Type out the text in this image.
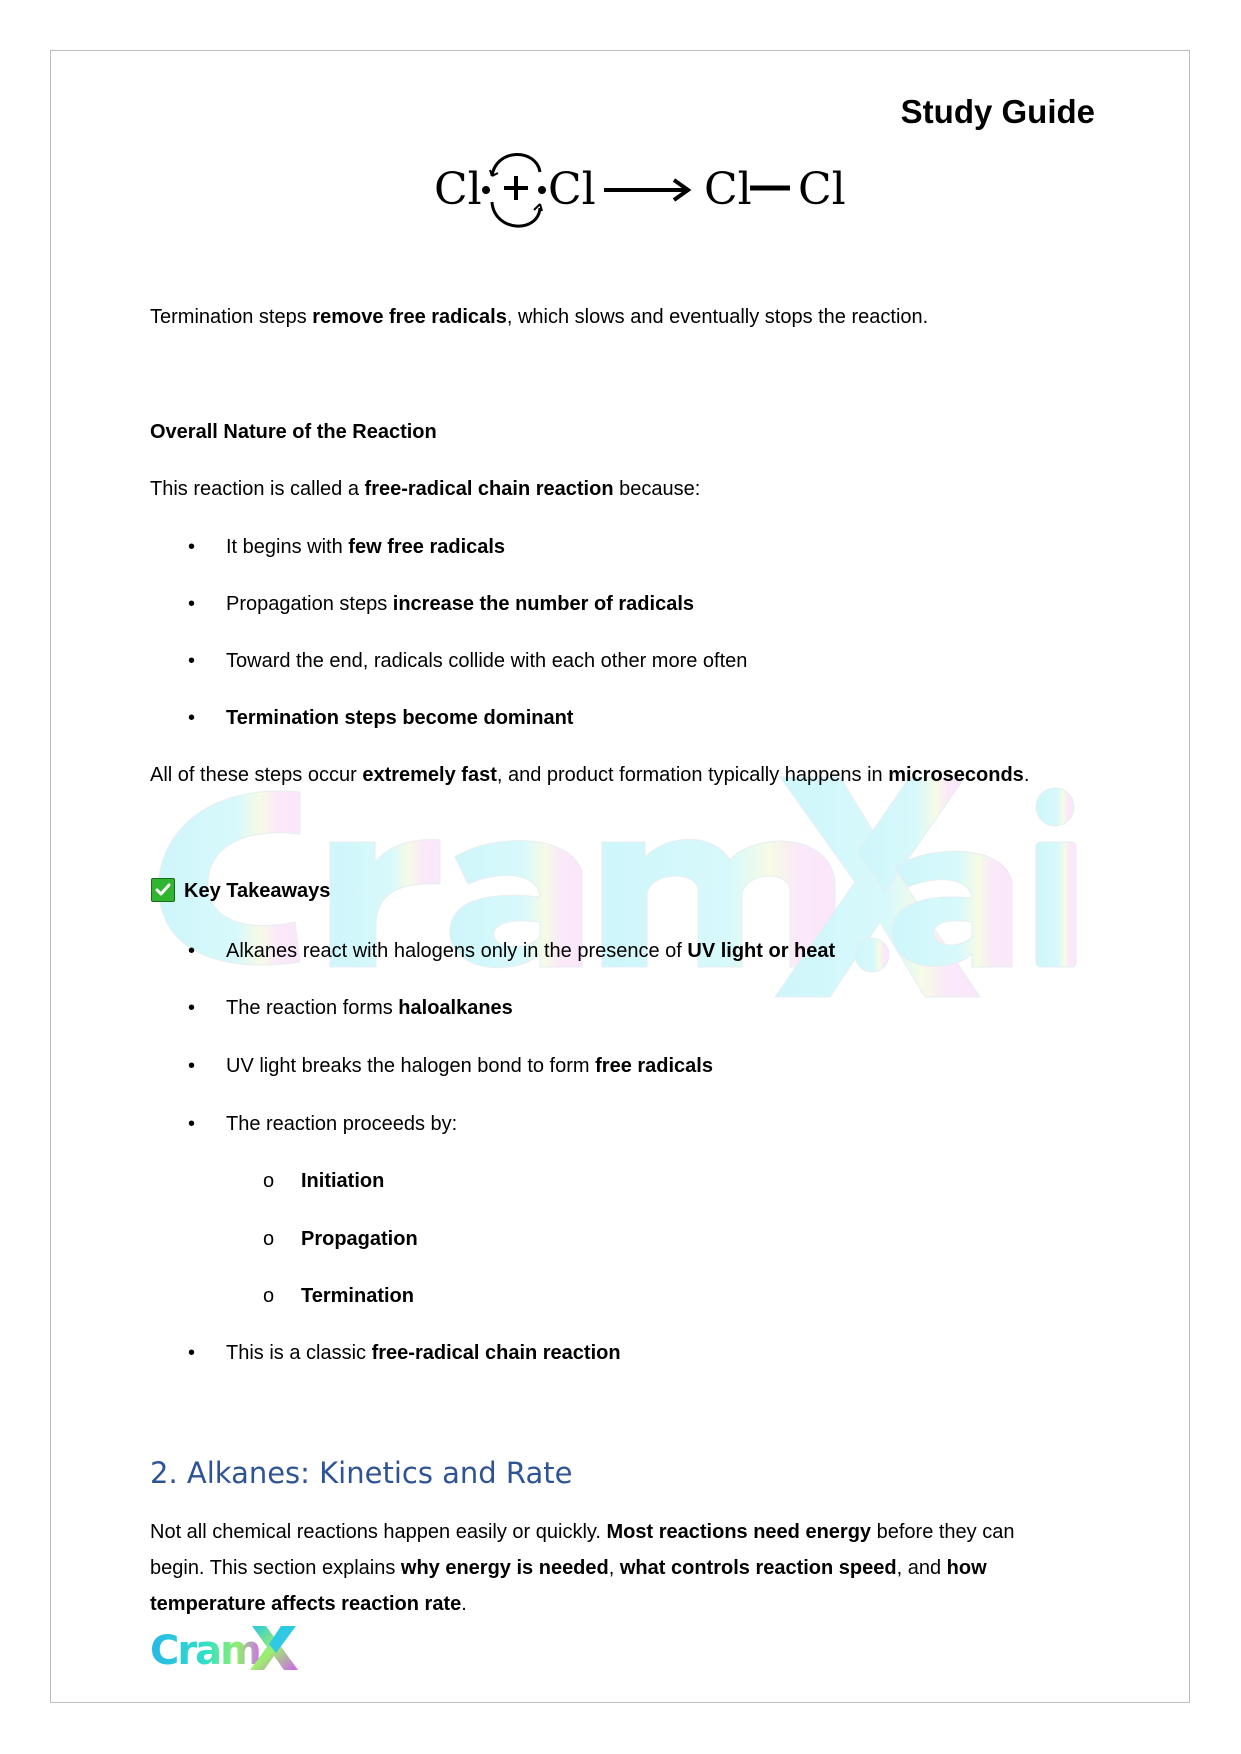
Study Guide
Cl Cl Cl Cl
Termination steps remove free radicals, which slows and eventually stops the reaction.
Overall Nature of the Reaction
This reaction is called a free-radical chain reaction because:
• It begins with few free radicals
• Propagation steps increase the number of radicals
• Toward the end, radicals collide with each other more often
• Termination steps become dominant
All of these steps occur extremely fast, and product formation typically happens in microseconds.
Key Takeaways
• Alkanes react with halogens only in the presence of UV light or heat
• The reaction forms haloalkanes
• UV light breaks the halogen bond to form free radicals
• The reaction proceeds by:
o Initiation
o Propagation
o Termination
• This is a classic free-radical chain reaction
2. Alkanes: Kinetics and Rate
Not all chemical reactions happen easily or quickly. Most reactions need energy before they can
begin. This section explains why energy is needed, what controls reaction speed, and how
temperature affects reaction rate.
Cram
